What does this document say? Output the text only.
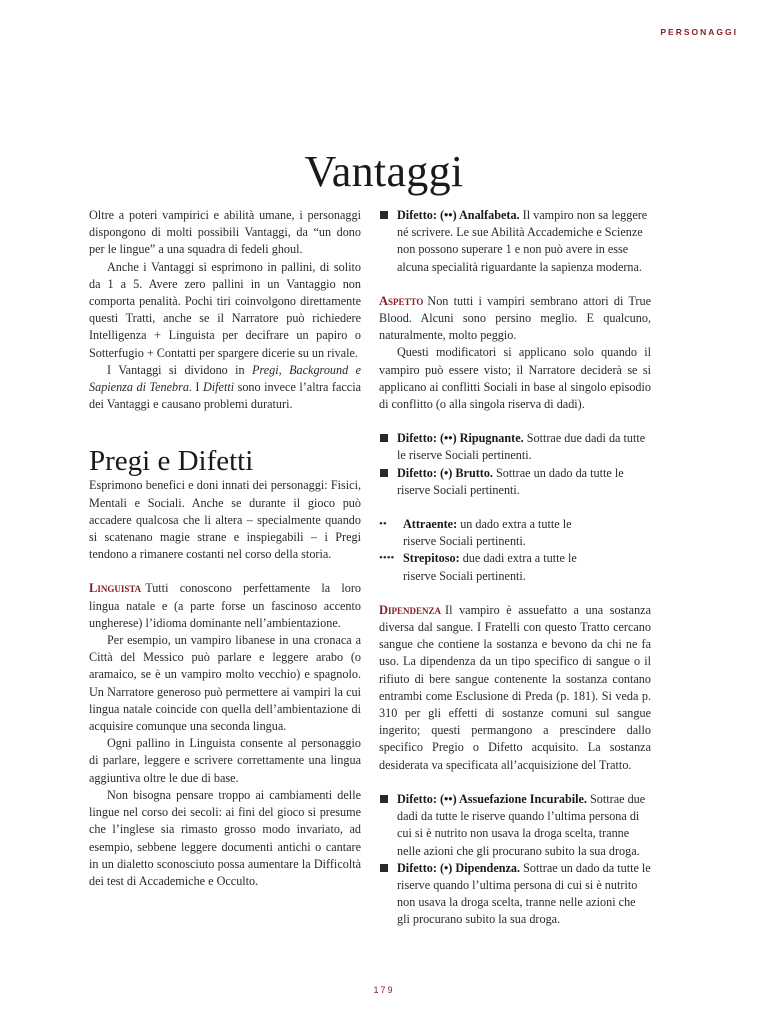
PERSONAGGI
Vantaggi

Oltre a poteri vampirici e abilità umane, i personaggi dispongono di molti possibili Vantaggi, da “un dono per le lingue” a una squadra di fedeli ghoul.

Anche i Vantaggi si esprimono in pallini, di solito da 1 a 5. Avere zero pallini in un Vantaggio non comporta penalità. Pochi tiri coinvolgono direttamente questi Tratti, anche se il Narratore può richiedere Intelligenza + Linguista per decifrare un papiro o Sotterfugio + Contatti per spargere dicerie su un rivale.

I Vantaggi si dividono in Pregi, Background e Sapienza di Tenebra. I Difetti sono invece l’altra faccia dei Vantaggi e causano problemi duraturi.

Pregi e Difetti

Esprimono benefici e doni innati dei personaggi: Fisici, Mentali e Sociali. Anche se durante il gioco può accadere qualcosa che li altera – specialmente quando si scatenano magie strane e inspiegabili – i Pregi tendono a rimanere costanti nel corso della storia.

Linguista Tutti conoscono perfettamente la loro lingua natale e (a parte forse un fascinoso accento ungherese) l’idioma dominante nell’ambientazione.

Per esempio, un vampiro libanese in una cronaca a Città del Messico può parlare e leggere arabo (o aramaico, se è un vampiro molto vecchio) e spagnolo. Un Narratore generoso può permettere ai vampiri la cui lingua natale coincide con quella dell’ambientazione di acquisire comunque una seconda lingua.

Ogni pallino in Linguista consente al personaggio di parlare, leggere e scrivere correttamente una lingua aggiuntiva oltre le due di base.

Non bisogna pensare troppo ai cambiamenti delle lingue nel corso dei secoli: ai fini del gioco si presume che l’inglese sia rimasto grosso modo invariato, ad esempio, sebbene leggere documenti antichi o cantare in un dialetto sconosciuto possa aumentare la Difficoltà dei test di Accademiche e Occulto.

Difetto: (••) Analfabeta. Il vampiro non sa leggere né scrivere. Le sue Abilità Accademiche e Scienze non possono superare 1 e non può avere in esse alcuna specialità riguardante la sapienza moderna.

Aspetto Non tutti i vampiri sembrano attori di True Blood. Alcuni sono persino meglio. E qualcuno, naturalmente, molto peggio.

Questi modificatori si applicano solo quando il vampiro può essere visto; il Narratore deciderà se si applicano ai conflitti Sociali in base al singolo episodio di conflitto (o alla singola riserva di dadi).

Difetto: (••) Ripugnante. Sottrae due dadi da tutte le riserve Sociali pertinenti.
Difetto: (•) Brutto. Sottrae un dado da tutte le riserve Sociali pertinenti.
••	Attraente: un dado extra a tutte le riserve Sociali pertinenti.
•••• Strepitoso: due dadi extra a tutte le riserve Sociali pertinenti.

Dipendenza Il vampiro è assuefatto a una sostanza diversa dal sangue. I Fratelli con questo Tratto cercano sangue che contiene la sostanza e bevono da chi ne fa uso. La dipendenza da un tipo specifico di sangue o il rifiuto di bere sangue contenente la sostanza contano entrambi come Esclusione di Preda (p. 181). Si veda p. 310 per gli effetti di sostanze comuni sul sangue ingerito; questi permangono a prescindere dallo specifico Pregio o Difetto acquisito. La sostanza desiderata va specificata all’acquisizione del Tratto.

Difetto: (••) Assuefazione Incurabile. Sottrae due dadi da tutte le riserve quando l’ultima persona di cui si è nutrito non usava la droga scelta, tranne nelle azioni che gli procurano subito la sua droga.
Difetto: (•) Dipendenza. Sottrae un dado da tutte le riserve quando l’ultima persona di cui si è nutrito non usava la droga scelta, tranne nelle azioni che gli procurano subito la sua droga.
179
